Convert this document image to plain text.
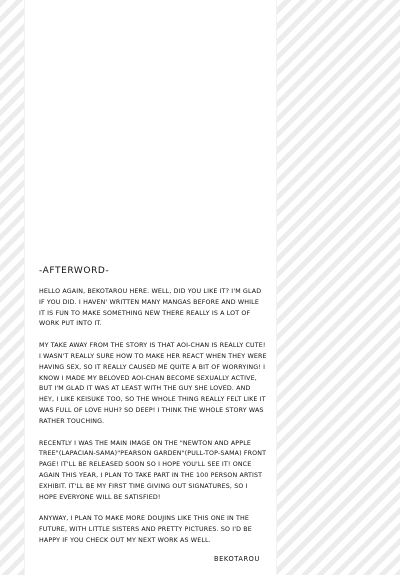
-AFTERWORD-

HELLO AGAIN, BEKOTAROU HERE. WELL, DID YOU LIKE IT? I'M GLAD IF YOU DID. I HAVEN' WRITTEN MANY MANGAS BEFORE AND WHILE IT IS FUN TO MAKE SOMETHING NEW THERE REALLY IS A LOT OF WORK PUT INTO IT.

MY TAKE AWAY FROM THE STORY IS THAT AOI-CHAN IS REALLY CUTE! I WASN'T REALLY SURE HOW TO MAKE HER REACT WHEN THEY WERE HAVING SEX, SO IT REALLY CAUSED ME QUITE A BIT OF WORRYING! I KNOW I MADE MY BELOVED AOI-CHAN BECOME SEXUALLY ACTIVE, BUT I'M GLAD IT WAS AT LEAST WITH THE GUY SHE LOVED. AND HEY, I LIKE KEISUKE TOO, SO THE WHOLE THING REALLY FELT LIKE IT WAS FULL OF LOVE HUH? SO DEEP! I THINK THE WHOLE STORY WAS RATHER TOUCHING.

RECENTLY I WAS THE MAIN IMAGE ON THE "NEWTON AND APPLE TREE"(LAPACIAN-SAMA)"PEARSON GARDEN"(PULL-TOP-SAMA) FRONT PAGE! IT'LL BE RELEASED SOON SO I HOPE YOU'LL SEE IT! ONCE AGAIN THIS YEAR, I PLAN TO TAKE PART IN THE 100 PERSON ARTIST EXHIBIT. IT'LL BE MY FIRST TIME GIVING OUT SIGNATURES, SO I HOPE EVERYONE WILL BE SATISFIED!

ANYWAY, I PLAN TO MAKE MORE DOUJINS LIKE THIS ONE IN THE FUTURE, WITH LITTLE SISTERS AND PRETTY PICTURES. SO I'D BE HAPPY IF YOU CHECK OUT MY NEXT WORK AS WELL.

BEKOTAROU
